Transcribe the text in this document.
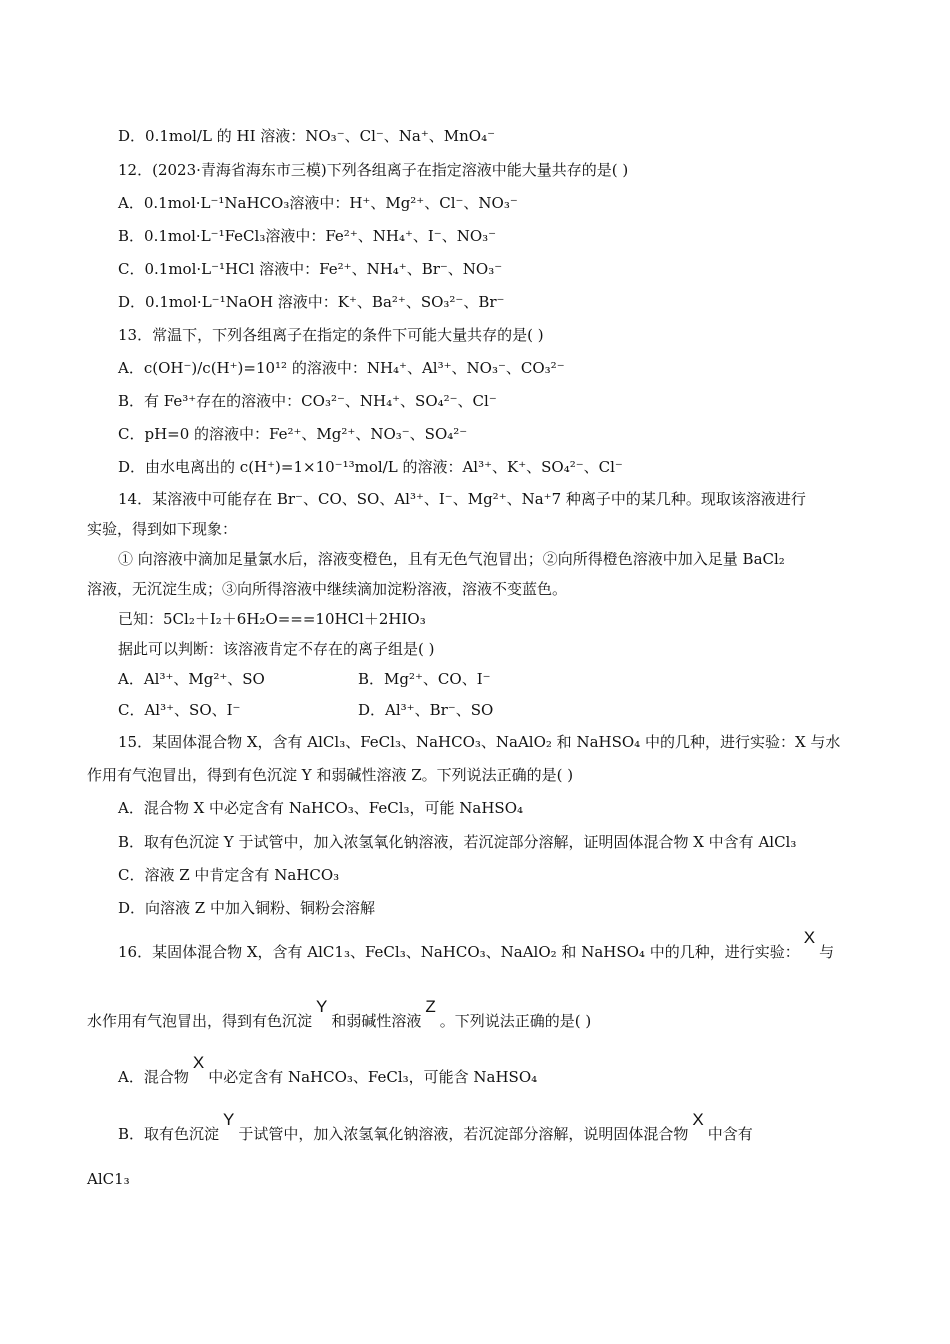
D．0.1mol/L 的 HI 溶液：NO₃⁻、Cl⁻、Na⁺、MnO₄⁻
12．(2023·青海省海东市三模)下列各组离子在指定溶液中能大量共存的是( )
A．0.1mol·L⁻¹NaHCO₃溶液中：H⁺、Mg²⁺、Cl⁻、NO₃⁻
B．0.1mol·L⁻¹FeCl₃溶液中：Fe²⁺、NH₄⁺、I⁻、NO₃⁻
C．0.1mol·L⁻¹HCl 溶液中：Fe²⁺、NH₄⁺、Br⁻、NO₃⁻
D．0.1mol·L⁻¹NaOH 溶液中：K⁺、Ba²⁺、SO₃²⁻、Br⁻
13．常温下，下列各组离子在指定的条件下可能大量共存的是( )
A．c(OH⁻)/c(H⁺)=10¹² 的溶液中：NH₄⁺、Al³⁺、NO₃⁻、CO₃²⁻
B．有 Fe³⁺存在的溶液中：CO₃²⁻、NH₄⁺、SO₄²⁻、Cl⁻
C．pH=0 的溶液中：Fe²⁺、Mg²⁺、NO₃⁻、SO₄²⁻
D．由水电离出的 c(H⁺)=1×10⁻¹³mol/L 的溶液：Al³⁺、K⁺、SO₄²⁻、Cl⁻
14．某溶液中可能存在 Br⁻、CO、SO、Al³⁺、I⁻、Mg²⁺、Na⁺7 种离子中的某几种。现取该溶液进行
实验，得到如下现象：
① 向溶液中滴加足量氯水后，溶液变橙色，且有无色气泡冒出；②向所得橙色溶液中加入足量 BaCl₂
溶液，无沉淀生成；③向所得溶液中继续滴加淀粉溶液，溶液不变蓝色。
已知：5Cl₂＋I₂＋6H₂O===10HCl＋2HIO₃
据此可以判断：该溶液肯定不存在的离子组是( )
A．Al³⁺、Mg²⁺、SO	B．Mg²⁺、CO、I⁻
C．Al³⁺、SO、I⁻	D．Al³⁺、Br⁻、SO
15．某固体混合物 X，含有 AlCl₃、FeCl₃、NaHCO₃、NaAlO₂ 和 NaHSO₄ 中的几种，进行实验：X 与水
作用有气泡冒出，得到有色沉淀 Y 和弱碱性溶液 Z。下列说法正确的是( )
A．混合物 X 中必定含有 NaHCO₃、FeCl₃，可能 NaHSO₄
B．取有色沉淀 Y 于试管中，加入浓氢氧化钠溶液，若沉淀部分溶解，证明固体混合物 X 中含有 AlCl₃
C．溶液 Z 中肯定含有 NaHCO₃
D．向溶液 Z 中加入铜粉、铜粉会溶解
16．某固体混合物 X，含有 AlC1₃、FeCl₃、NaHCO₃、NaAlO₂ 和 NaHSO₄ 中的几种，进行实验：X与
水作用有气泡冒出，得到有色沉淀Y和弱碱性溶液Z。下列说法正确的是( )
A．混合物X中必定含有 NaHCO₃、FeCl₃，可能含 NaHSO₄
B．取有色沉淀Y于试管中，加入浓氢氧化钠溶液，若沉淀部分溶解，说明固体混合物X中含有
AlC1₃
